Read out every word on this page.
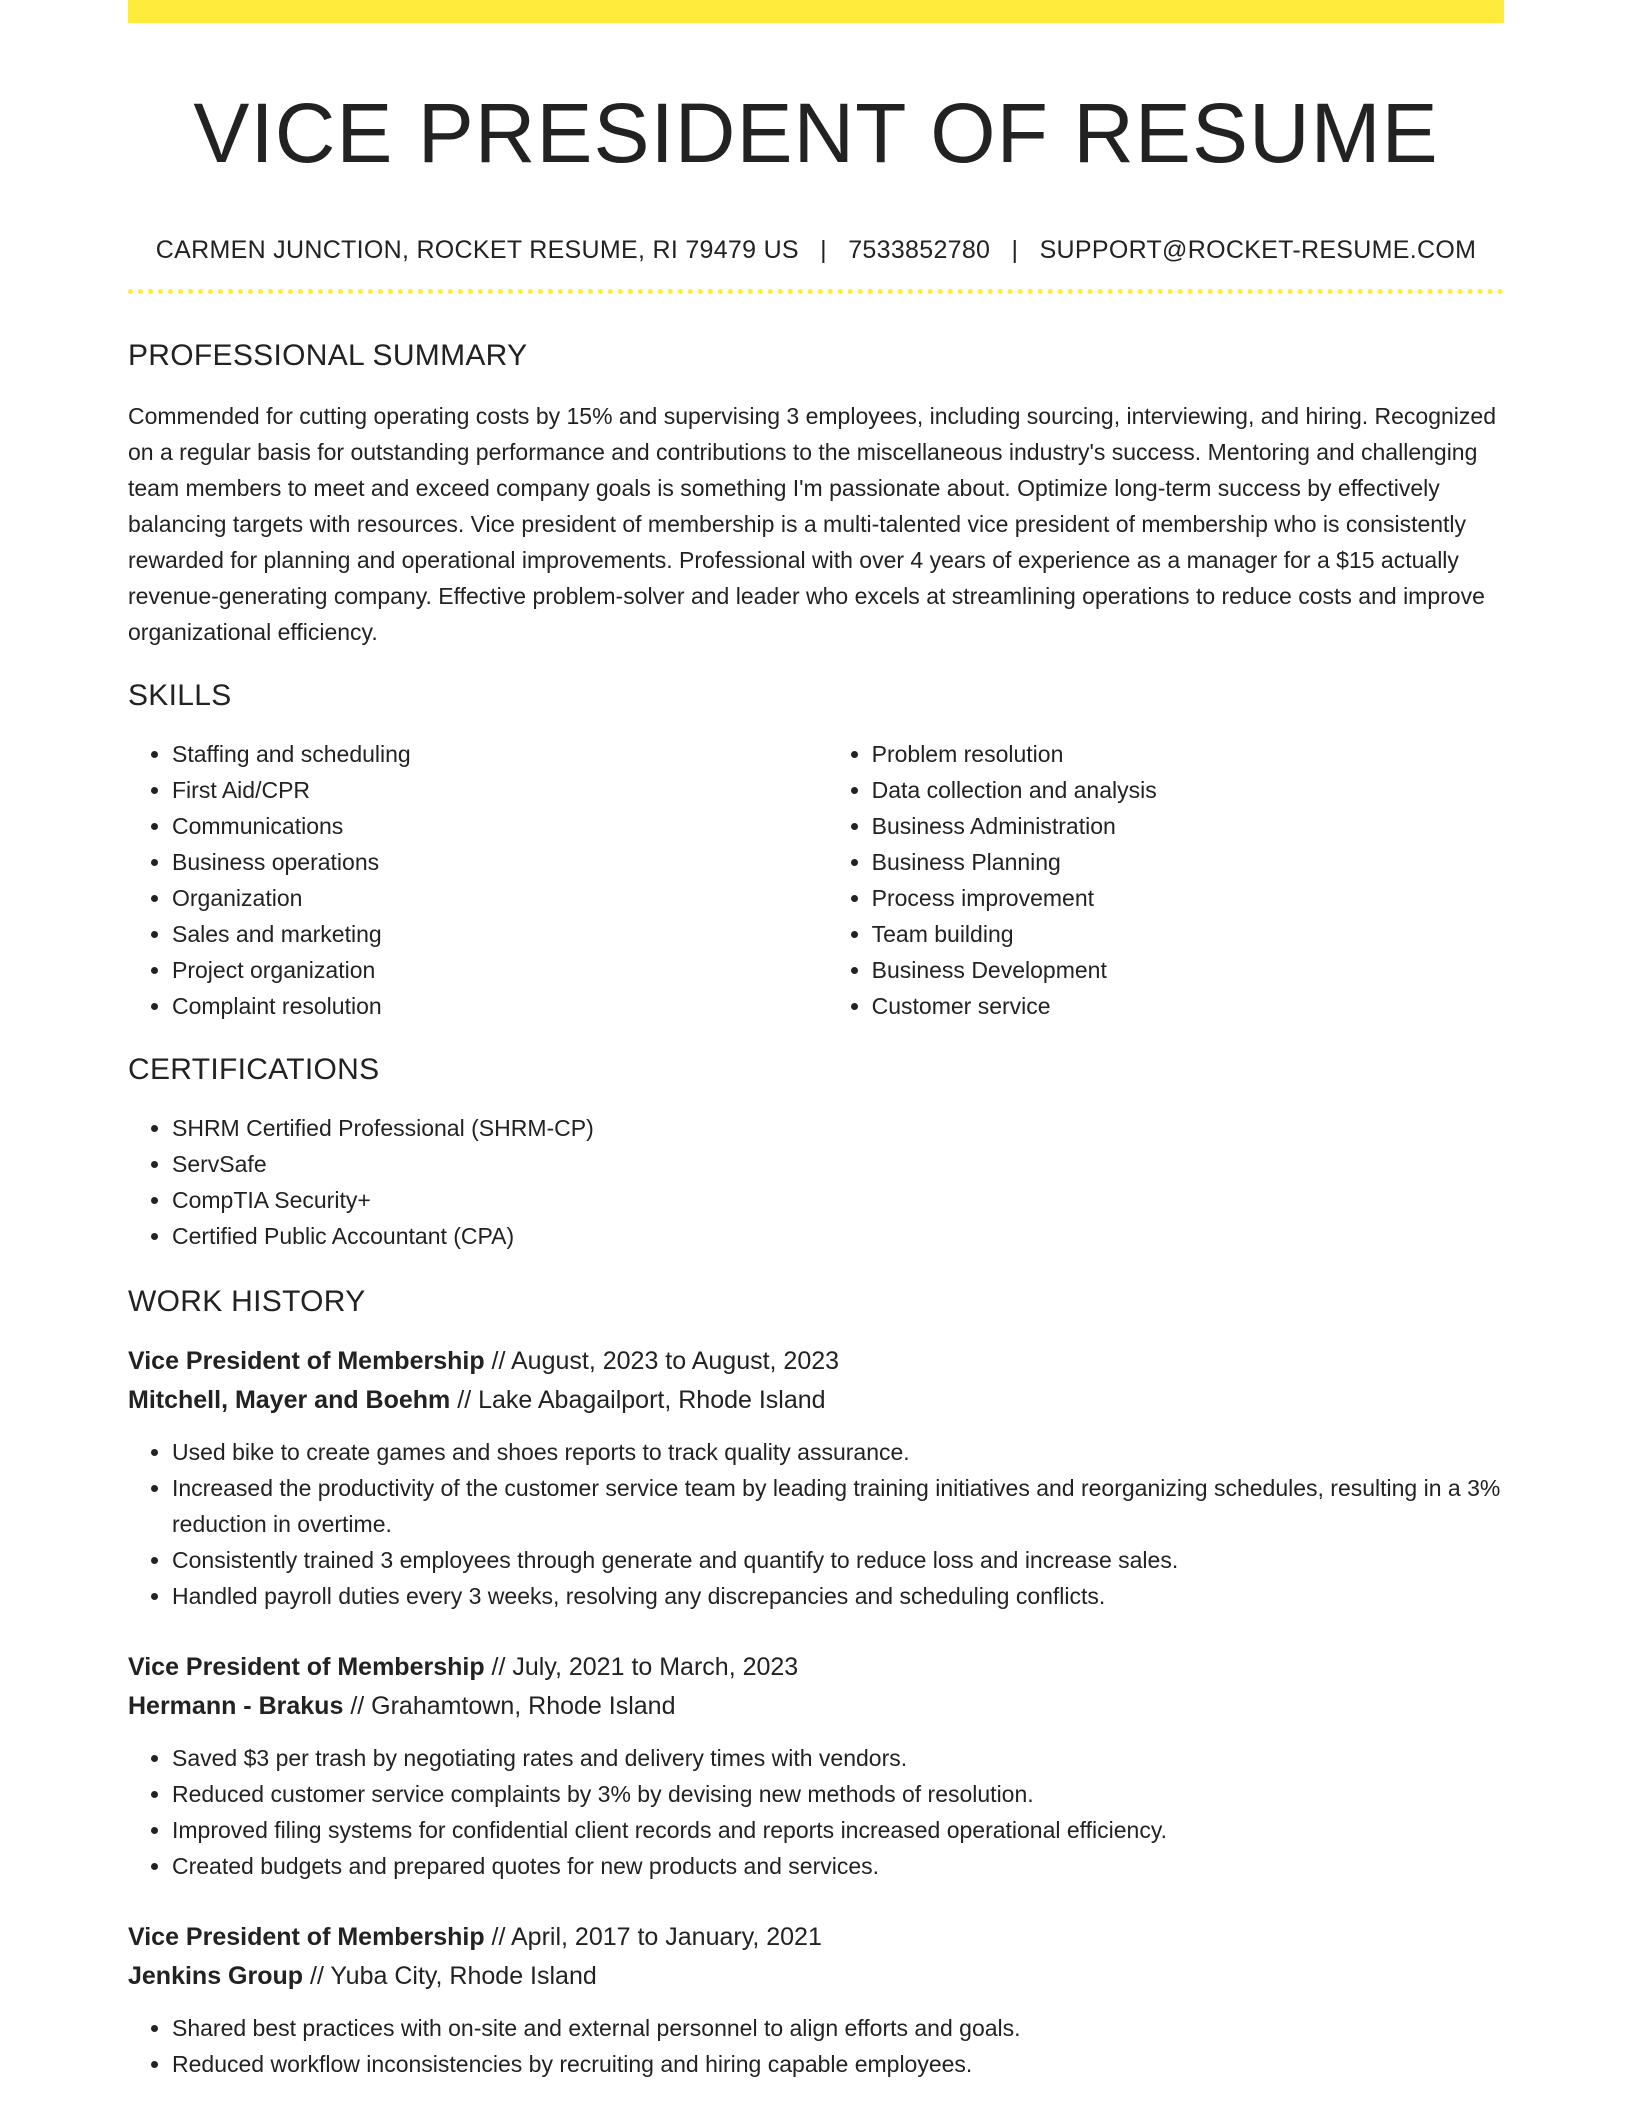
VICE PRESIDENT OF RESUME
CARMEN JUNCTION, ROCKET RESUME, RI 79479 US | 7533852780 | SUPPORT@ROCKET-RESUME.COM
PROFESSIONAL SUMMARY

Commended for cutting operating costs by 15% and supervising 3 employees, including sourcing, interviewing, and hiring. Recognized on a regular basis for outstanding performance and contributions to the miscellaneous industry's success. Mentoring and challenging team members to meet and exceed company goals is something I'm passionate about. Optimize long-term success by effectively balancing targets with resources. Vice president of membership is a multi-talented vice president of membership who is consistently rewarded for planning and operational improvements. Professional with over 4 years of experience as a manager for a $15 actually revenue-generating company. Effective problem-solver and leader who excels at streamlining operations to reduce costs and improve organizational efficiency.

SKILLS
• Staffing and scheduling
• First Aid/CPR
• Communications
• Business operations
• Organization
• Sales and marketing
• Project organization
• Complaint resolution
• Problem resolution
• Data collection and analysis
• Business Administration
• Business Planning
• Process improvement
• Team building
• Business Development
• Customer service
CERTIFICATIONS
• SHRM Certified Professional (SHRM-CP)
• ServSafe
• CompTIA Security+
• Certified Public Accountant (CPA)
WORK HISTORY
Vice President of Membership // August, 2023 to August, 2023
Mitchell, Mayer and Boehm // Lake Abagailport, Rhode Island
• Used bike to create games and shoes reports to track quality assurance.
• Increased the productivity of the customer service team by leading training initiatives and reorganizing schedules, resulting in a 3% reduction in overtime.
• Consistently trained 3 employees through generate and quantify to reduce loss and increase sales.
• Handled payroll duties every 3 weeks, resolving any discrepancies and scheduling conflicts.
Vice President of Membership // July, 2021 to March, 2023
Hermann - Brakus // Grahamtown, Rhode Island
• Saved $3 per trash by negotiating rates and delivery times with vendors.
• Reduced customer service complaints by 3% by devising new methods of resolution.
• Improved filing systems for confidential client records and reports increased operational efficiency.
• Created budgets and prepared quotes for new products and services.
Vice President of Membership // April, 2017 to January, 2021
Jenkins Group // Yuba City, Rhode Island
• Shared best practices with on-site and external personnel to align efforts and goals.
• Reduced workflow inconsistencies by recruiting and hiring capable employees.
